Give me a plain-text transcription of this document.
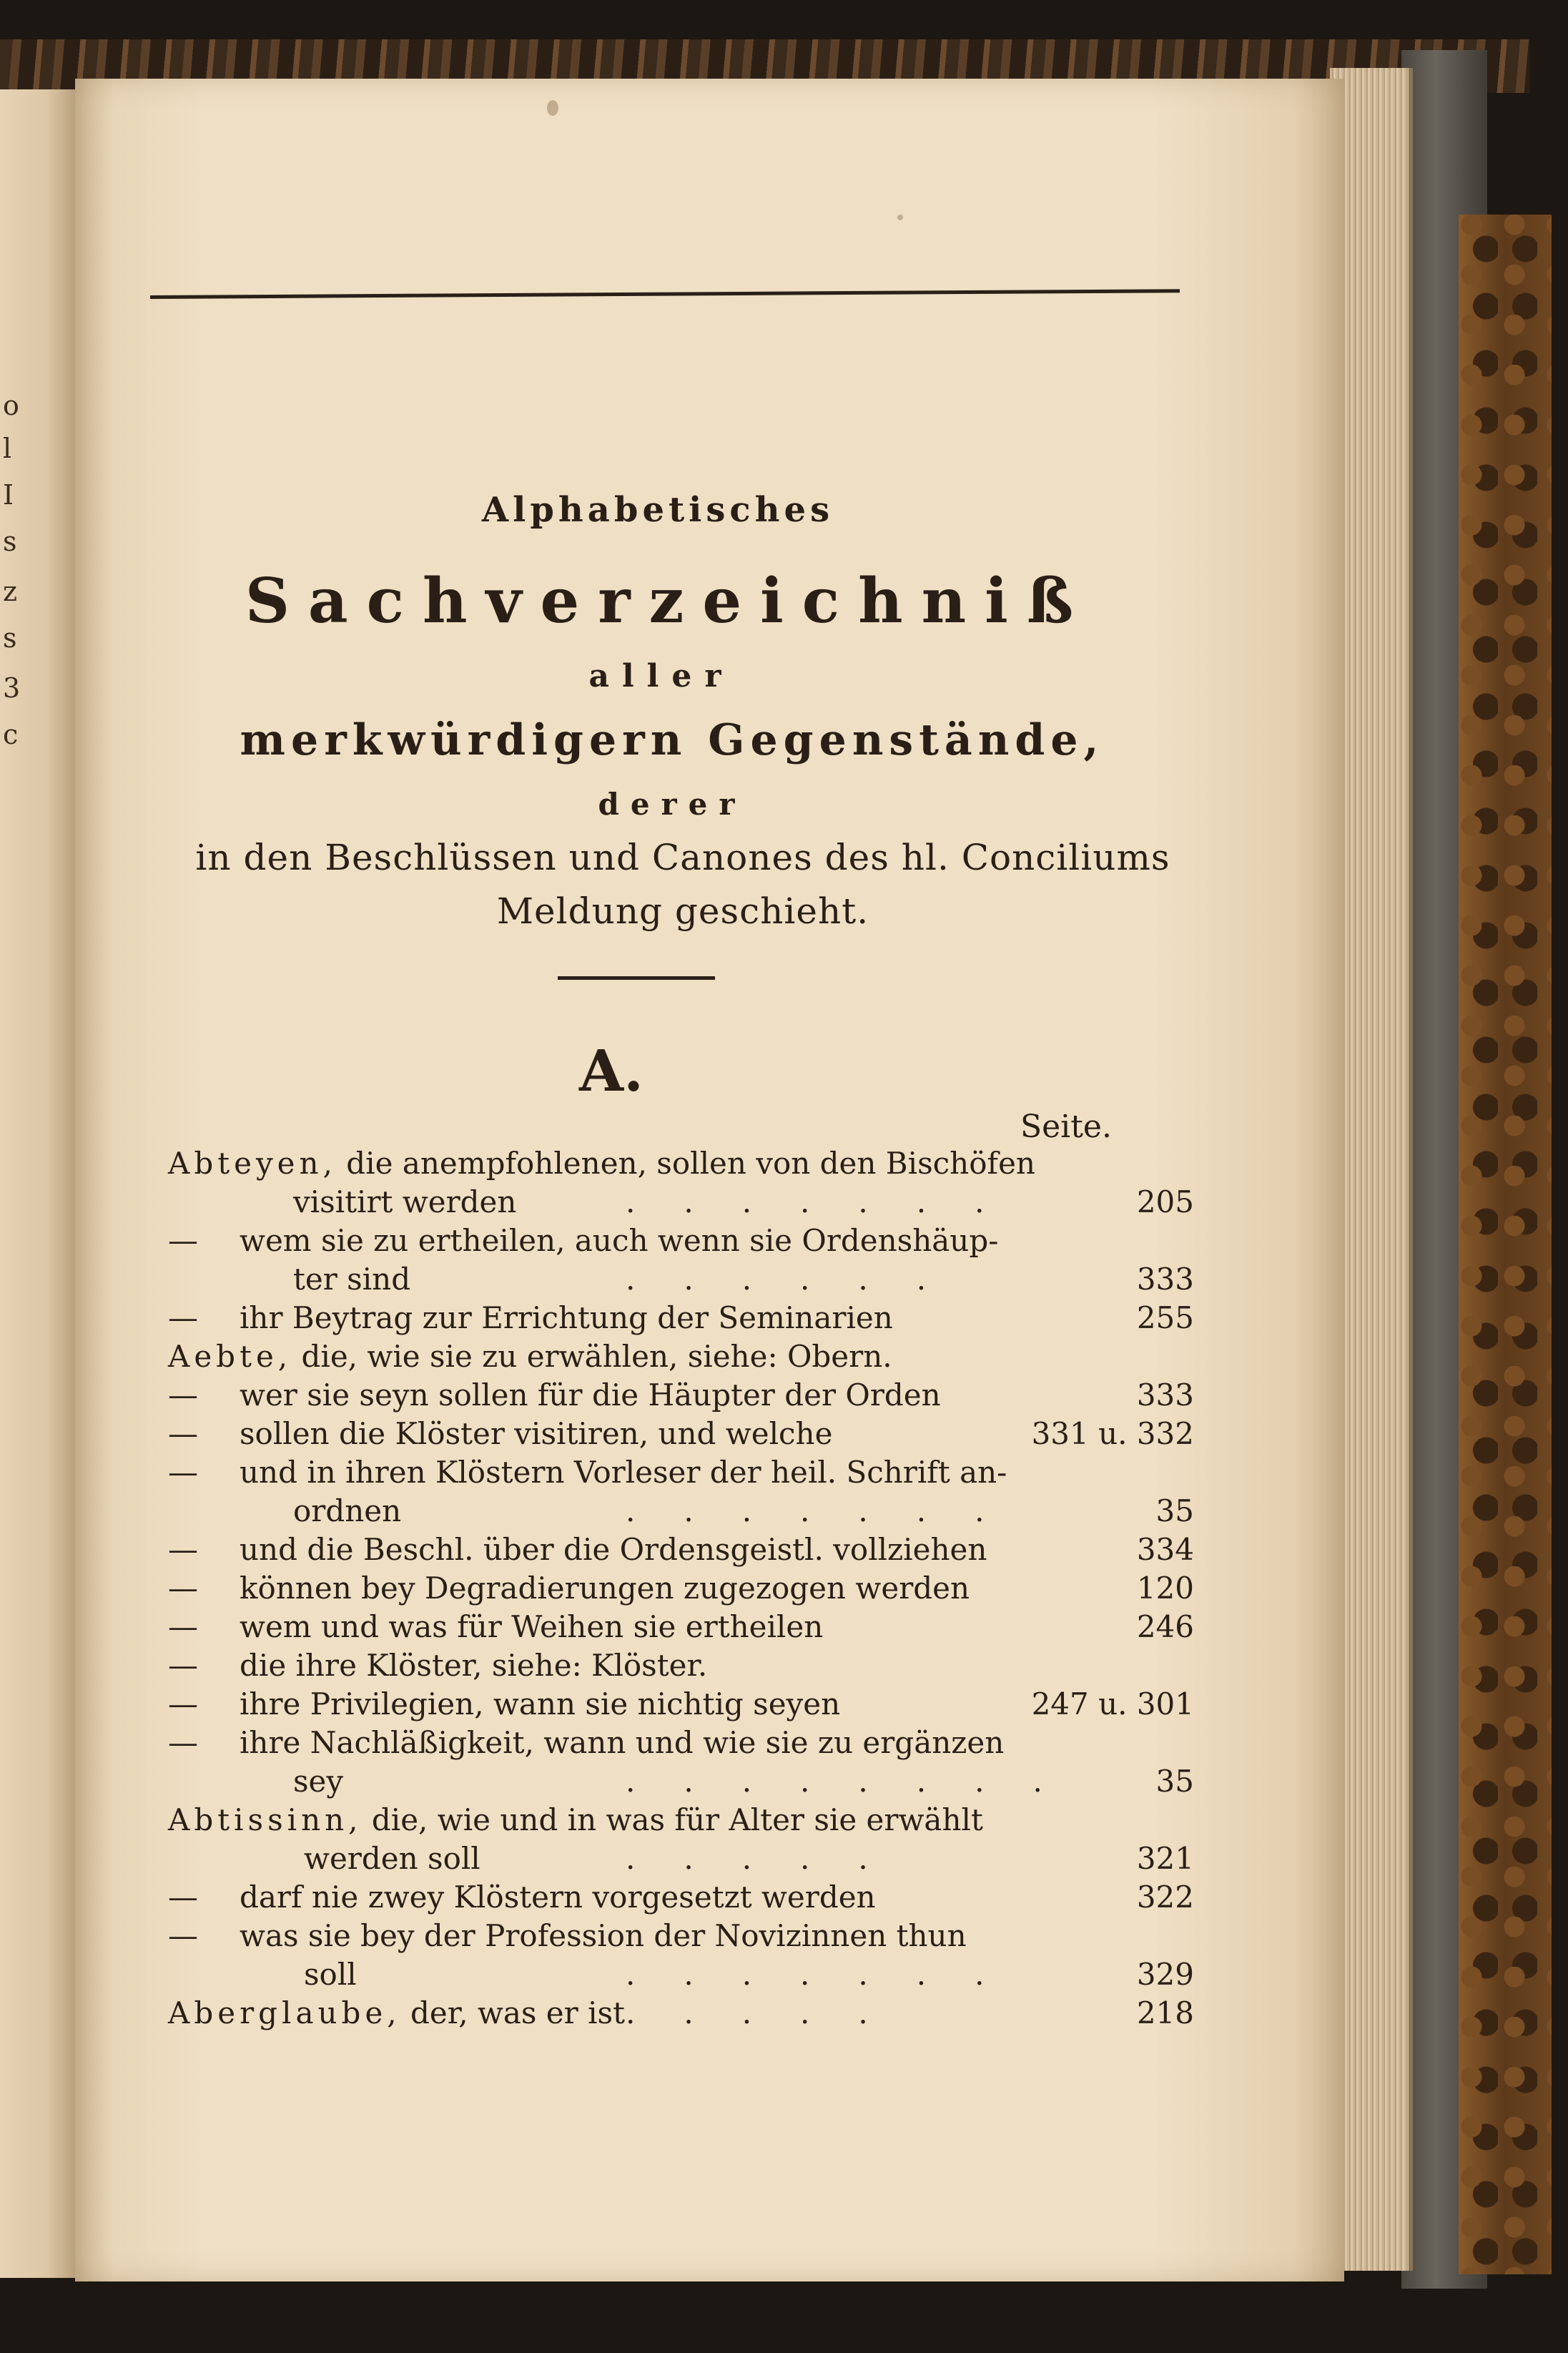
o
l
I
s
z
s
3
c
Alphabetisches
Sachverzeichniß
aller
merkwürdigern Gegenstände,
derer
in den Beschlüssen und Canones des hl. Conciliums
Meldung geschieht.
A.
Seite.
Abteyen, die anempfohlenen, sollen von den Bischöfen
visitirt werden	.......	205
—	wem sie zu ertheilen, auch wenn sie Ordenshäup-
ter sind	......	333
—	ihr Beytrag zur Errichtung der Seminarien	255
Aebte, die, wie sie zu erwählen, siehe: Obern.
—	wer sie seyn sollen für die Häupter der Orden	333
—	sollen die Klöster visitiren, und welche	331 u. 332
—	und in ihren Klöstern Vorleser der heil. Schrift an-
ordnen	.......	35
—	und die Beschl. über die Ordensgeistl. vollziehen	334
—	können bey Degradierungen zugezogen werden	120
—	wem und was für Weihen sie ertheilen	246
—	die ihre Klöster, siehe: Klöster.
—	ihre Privilegien, wann sie nichtig seyen	247 u. 301
—	ihre Nachläßigkeit, wann und wie sie zu ergänzen
sey	........	35
Abtissinn, die, wie und in was für Alter sie erwählt
werden soll	.....	321
—	darf nie zwey Klöstern vorgesetzt werden	322
—	was sie bey der Profession der Novizinnen thun
soll	.......	329
Aberglaube, der, was er ist .....	218
